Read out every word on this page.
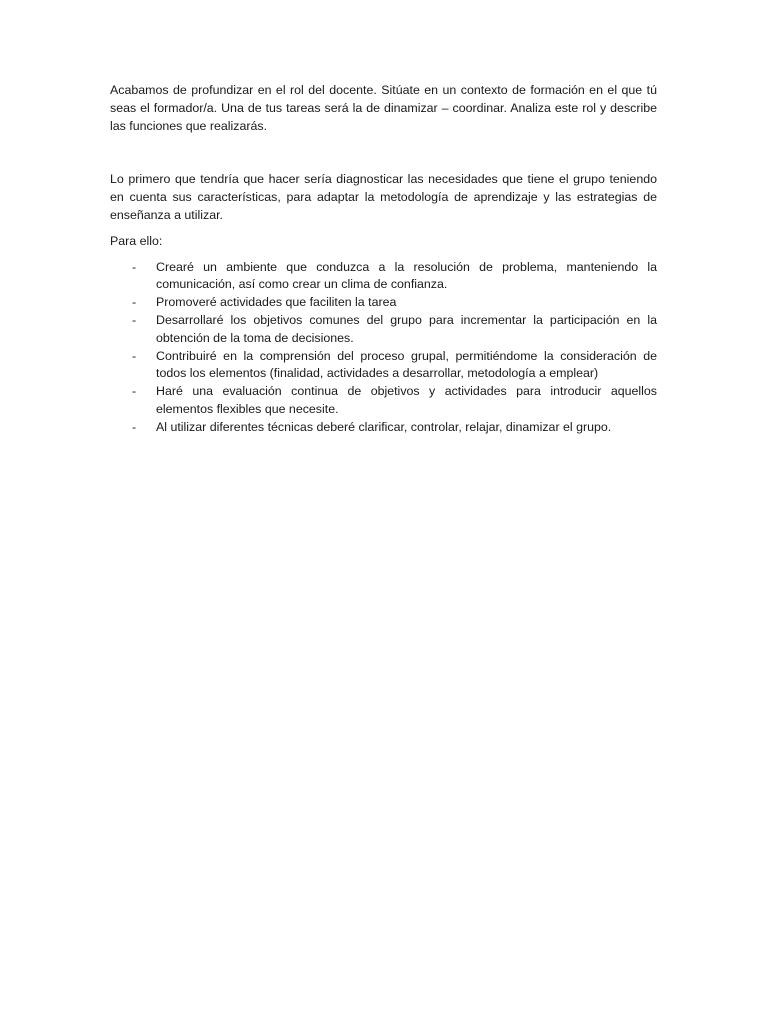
Acabamos de profundizar en el rol del docente. Sitúate en un contexto de formación en el que tú seas el formador/a. Una de tus tareas será la de dinamizar – coordinar. Analiza este rol y describe las funciones que realizarás.

Lo primero que tendría que hacer sería diagnosticar las necesidades que tiene el grupo teniendo en cuenta sus características, para adaptar la metodología de aprendizaje y las estrategias de enseñanza a utilizar.

Para ello:

- Crearé un ambiente que conduzca a la resolución de problema, manteniendo la comunicación, así como crear un clima de confianza.
- Promoveré actividades que faciliten la tarea
- Desarrollaré los objetivos comunes del grupo para incrementar la participación en la obtención de la toma de decisiones.
- Contribuiré en la comprensión del proceso grupal, permitiéndome la consideración de todos los elementos (finalidad, actividades a desarrollar, metodología a emplear)
- Haré una evaluación continua de objetivos y actividades para introducir aquellos elementos flexibles que necesite.
- Al utilizar diferentes técnicas deberé clarificar, controlar, relajar, dinamizar el grupo.
